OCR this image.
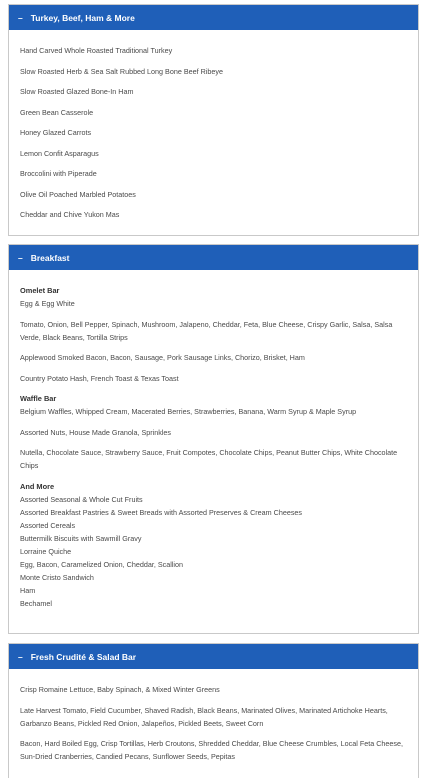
– Turkey, Beef, Ham & More

Hand Carved Whole Roasted Traditional Turkey

Slow Roasted Herb & Sea Salt Rubbed Long Bone Beef Ribeye

Slow Roasted Glazed Bone-In Ham

Green Bean Casserole

Honey Glazed Carrots

Lemon Confit Asparagus

Broccolini with Piperade

Olive Oil Poached Marbled Potatoes

Cheddar and Chive Yukon Mas

– Breakfast

Omelet Bar

Egg & Egg White

Tomato, Onion, Bell Pepper, Spinach, Mushroom, Jalapeno, Cheddar, Feta, Blue Cheese, Crispy Garlic, Salsa, Salsa Verde, Black Beans, Tortilla Strips

Applewood Smoked Bacon, Bacon, Sausage, Pork Sausage Links, Chorizo, Brisket, Ham

Country Potato Hash, French Toast & Texas Toast

Waffle Bar

Belgium Waffles, Whipped Cream, Macerated Berries, Strawberries, Banana, Warm Syrup & Maple Syrup

Assorted Nuts, House Made Granola, Sprinkles

Nutella, Chocolate Sauce, Strawberry Sauce, Fruit Compotes, Chocolate Chips, Peanut Butter Chips, White Chocolate Chips

And More

Assorted Seasonal & Whole Cut Fruits

Assorted Breakfast Pastries & Sweet Breads with Assorted Preserves & Cream Cheeses

Assorted Cereals

Buttermilk Biscuits with Sawmill Gravy

Lorraine Quiche

Egg, Bacon, Caramelized Onion, Cheddar, Scallion

Monte Cristo Sandwich

Ham

Bechamel

– Fresh Crudité & Salad Bar

Crisp Romaine Lettuce, Baby Spinach, & Mixed Winter Greens

Late Harvest Tomato, Field Cucumber, Shaved Radish, Black Beans, Marinated Olives, Marinated Artichoke Hearts, Garbanzo Beans, Pickled Red Onion, Jalapeños, Pickled Beets, Sweet Corn

Bacon, Hard Boiled Egg, Crisp Tortillas, Herb Croutons, Shredded Cheddar, Blue Cheese Crumbles, Local Feta Cheese, Sun-Dried Cranberries, Candied Pecans, Sunflower Seeds, Pepitas
